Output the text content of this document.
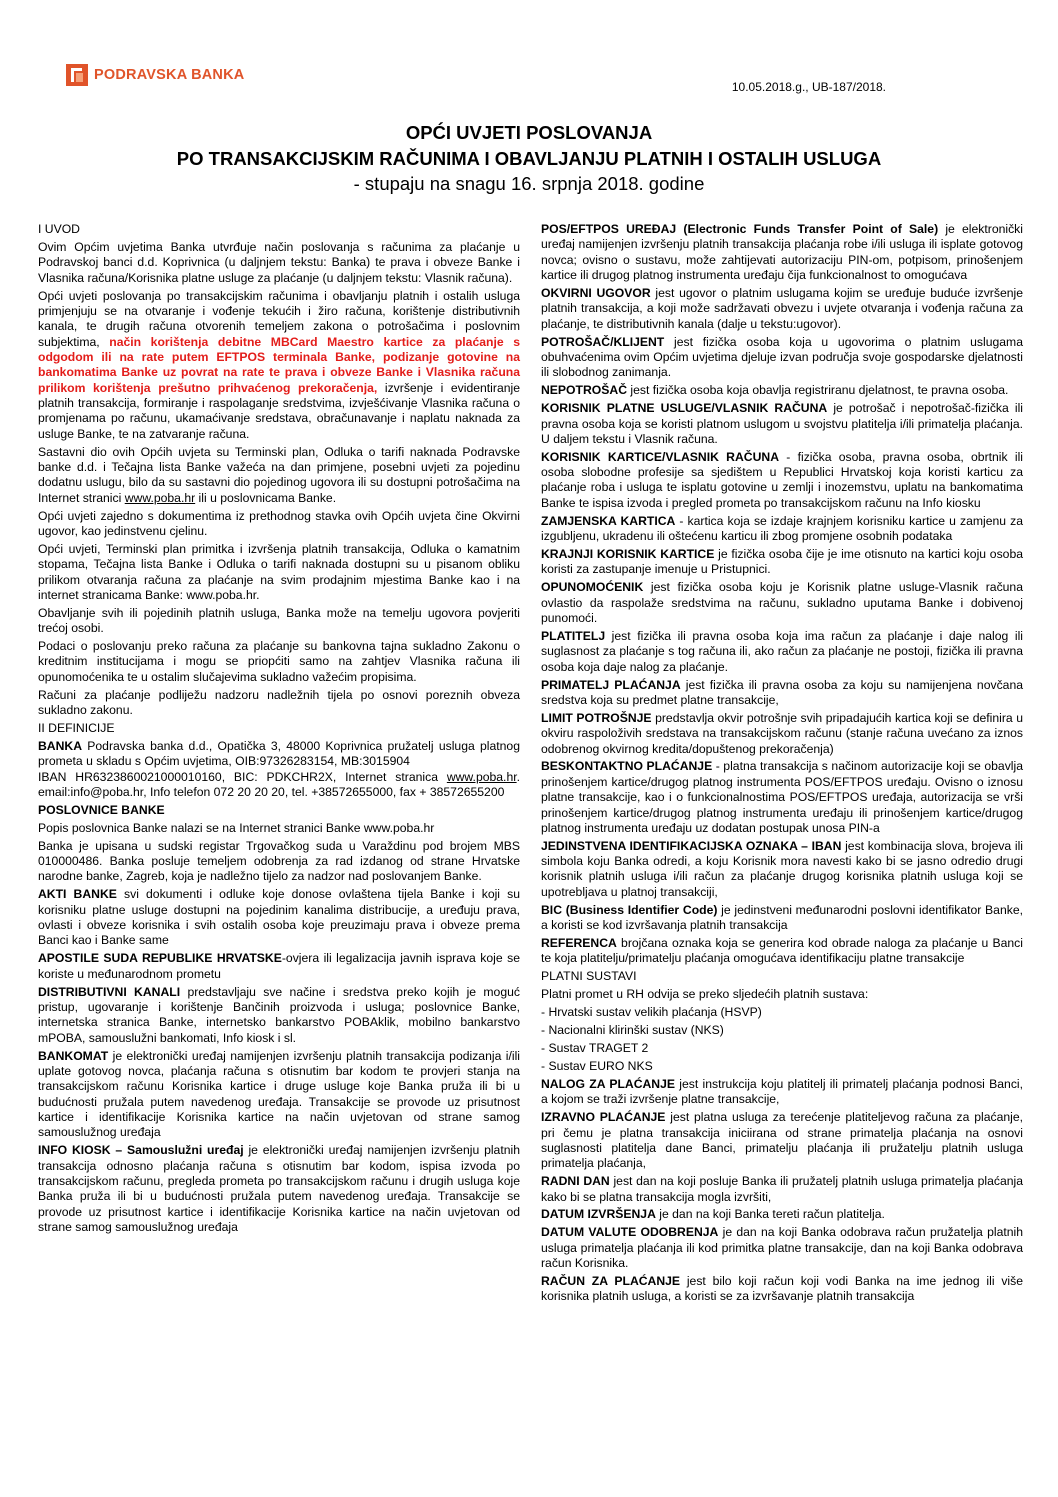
PODRAVSKA BANKA
10.05.2018.g., UB-187/2018.
OPĆI UVJETI POSLOVANJA
PO TRANSAKCIJSKIM RAČUNIMA I OBAVLJANJU PLATNIH I OSTALIH USLUGA
- stupaju na snagu 16. srpnja 2018. godine

I UVOD

Ovim Općim uvjetima Banka utvrđuje način poslovanja s računima za plaćanje u Podravskoj banci d.d. Koprivnica (u daljnjem tekstu: Banka) te prava i obveze Banke i Vlasnika računa/Korisnika platne usluge za plaćanje (u daljnjem tekstu: Vlasnik računa).

Opći uvjeti poslovanja po transakcijskim računima i obavljanju platnih i ostalih usluga primjenjuju se na otvaranje i vođenje tekućih i žiro računa, korištenje distributivnih kanala, te drugih računa otvorenih temeljem zakona o potrošačima i poslovnim subjektima, način korištenja debitne MBCard Maestro kartice za plaćanje s odgodom ili na rate putem EFTPOS terminala Banke, podizanje gotovine na bankomatima Banke uz povrat na rate te prava i obveze Banke i Vlasnika računa prilikom korištenja prešutno prihvaćenog prekoračenja, izvršenje i evidentiranje platnih transakcija, formiranje i raspolaganje sredstvima, izvješćivanje Vlasnika računa o promjenama po računu, ukamaćivanje sredstava, obračunavanje i naplatu naknada za usluge Banke, te na zatvaranje računa.

Sastavni dio ovih Općih uvjeta su Terminski plan, Odluka o tarifi naknada Podravske banke d.d. i Tečajna lista Banke važeća na dan primjene, posebni uvjeti za pojedinu dodatnu uslugu, bilo da su sastavni dio pojedinog ugovora ili su dostupni potrošačima na Internet stranici www.poba.hr ili u poslovnicama Banke.

Opći uvjeti zajedno s dokumentima iz prethodnog stavka ovih Općih uvjeta čine Okvirni ugovor, kao jedinstvenu cjelinu.

Opći uvjeti, Terminski plan primitka i izvršenja platnih transakcija, Odluka o kamatnim stopama, Tečajna lista Banke i Odluka o tarifi naknada dostupni su u pisanom obliku prilikom otvaranja računa za plaćanje na svim prodajnim mjestima Banke kao i na internet stranicama Banke: www.poba.hr.

Obavljanje svih ili pojedinih platnih usluga, Banka može na temelju ugovora povjeriti trećoj osobi.

Podaci o poslovanju preko računa za plaćanje su bankovna tajna sukladno Zakonu o kreditnim institucijama i mogu se priopćiti samo na zahtjev Vlasnika računa ili opunomoćenika te u ostalim slučajevima sukladno važećim propisima.

Računi za plaćanje podliježu nadzoru nadležnih tijela po osnovi poreznih obveza sukladno zakonu.

II DEFINICIJE

BANKA Podravska banka d.d., Opatička 3, 48000 Koprivnica pružatelj usluga platnog prometa u skladu s Općim uvjetima, OIB:97326283154, MB:3015904
IBAN HR6323860021000010160, BIC: PDKCHR2X, Internet stranica www.poba.hr. email:info@poba.hr, Info telefon 072 20 20 20, tel. +38572655000, fax + 38572655200

POSLOVNICE BANKE

Popis poslovnica Banke nalazi se na Internet stranici Banke www.poba.hr

Banka je upisana u sudski registar Trgovačkog suda u Varaždinu pod brojem MBS 010000486. Banka posluje temeljem odobrenja za rad izdanog od strane Hrvatske narodne banke, Zagreb, koja je nadležno tijelo za nadzor nad poslovanjem Banke.

AKTI BANKE svi dokumenti i odluke koje donose ovlaštena tijela Banke i koji su korisniku platne usluge dostupni na pojedinim kanalima distribucije, a uređuju prava, ovlasti i obveze korisnika i svih ostalih osoba koje preuzimaju prava i obveze prema Banci kao i Banke same

APOSTILE SUDA REPUBLIKE HRVATSKE-ovjera ili legalizacija javnih isprava koje se koriste u međunarodnom prometu

DISTRIBUTIVNI KANALI predstavljaju sve načine i sredstva preko kojih je moguć pristup, ugovaranje i korištenje Bančinih proizvoda i usluga; poslovnice Banke, internetska stranica Banke, internetsko bankarstvo POBAklik, mobilno bankarstvo mPOBA, samouslužni bankomati, Info kiosk i sl.

BANKOMAT je elektronički uređaj namijenjen izvršenju platnih transakcija podizanja i/ili uplate gotovog novca, plaćanja računa s otisnutim bar kodom te provjeri stanja na transakcijskom računu Korisnika kartice i druge usluge koje Banka pruža ili bi u budućnosti pružala putem navedenog uređaja. Transakcije se provode uz prisutnost kartice i identifikacije Korisnika kartice na način uvjetovan od strane samog samouslužnog uređaja

INFO KIOSK – Samouslužni uređaj je elektronički uređaj namijenjen izvršenju platnih transakcija odnosno plaćanja računa s otisnutim bar kodom, ispisa izvoda po transakcijskom računu, pregleda prometa po transakcijskom računu i drugih usluga koje Banka pruža ili bi u budućnosti pružala putem navedenog uređaja. Transakcije se provode uz prisutnost kartice i identifikacije Korisnika kartice na način uvjetovan od strane samog samouslužnog uređaja

POS/EFTPOS UREĐAJ (Electronic Funds Transfer Point of Sale) je elektronički uređaj namijenjen izvršenju platnih transakcija plaćanja robe i/ili usluga ili isplate gotovog novca; ovisno o sustavu, može zahtijevati autorizaciju PIN-om, potpisom, prinošenjem kartice ili drugog platnog instrumenta uređaju čija funkcionalnost to omogućava

OKVIRNI UGOVOR jest ugovor o platnim uslugama kojim se uređuje buduće izvršenje platnih transakcija, a koji može sadržavati obvezu i uvjete otvaranja i vođenja računa za plaćanje, te distributivnih kanala (dalje u tekstu:ugovor).

POTROŠAČ/KLIJENT jest fizička osoba koja u ugovorima o platnim uslugama obuhvaćenima ovim Općim uvjetima djeluje izvan područja svoje gospodarske djelatnosti ili slobodnog zanimanja.

NEPOTROŠAČ jest fizička osoba koja obavlja registriranu djelatnost, te pravna osoba.

KORISNIK PLATNE USLUGE/VLASNIK RAČUNA je potrošač i nepotrošač-fizička ili pravna osoba koja se koristi platnom uslugom u svojstvu platitelja i/ili primatelja plaćanja. U daljem tekstu i Vlasnik računa.

KORISNIK KARTICE/VLASNIK RAČUNA - fizička osoba, pravna osoba, obrtnik ili osoba slobodne profesije sa sjedištem u Republici Hrvatskoj koja koristi karticu za plaćanje roba i usluga te isplatu gotovine u zemlji i inozemstvu, uplatu na bankomatima Banke te ispisa izvoda i pregled prometa po transakcijskom računu na Info kiosku

ZAMJENSKA KARTICA - kartica koja se izdaje krajnjem korisniku kartice u zamjenu za izgubljenu, ukradenu ili oštećenu karticu ili zbog promjene osobnih podataka

KRAJNJI KORISNIK KARTICE je fizička osoba čije je ime otisnuto na kartici koju osoba koristi za zastupanje imenuje u Pristupnici.

OPUNOMOĆENIK jest fizička osoba koju je Korisnik platne usluge-Vlasnik računa ovlastio da raspolaže sredstvima na računu, sukladno uputama Banke i dobivenoj punomoći.

PLATITELJ jest fizička ili pravna osoba koja ima račun za plaćanje i daje nalog ili suglasnost za plaćanje s tog računa ili, ako račun za plaćanje ne postoji, fizička ili pravna osoba koja daje nalog za plaćanje.

PRIMATELJ PLAĆANJA jest fizička ili pravna osoba za koju su namijenjena novčana sredstva koja su predmet platne transakcije,

LIMIT POTROŠNJE predstavlja okvir potrošnje svih pripadajućih kartica koji se definira u okviru raspoloživih sredstava na transakcijskom računu (stanje računa uvećano za iznos odobrenog okvirnog kredita/dopuštenog prekoračenja)

BESKONTAKTNO PLAĆANJE - platna transakcija s načinom autorizacije koji se obavlja prinošenjem kartice/drugog platnog instrumenta POS/EFTPOS uređaju. Ovisno o iznosu platne transakcije, kao i o funkcionalnostima POS/EFTPOS uređaja, autorizacija se vrši prinošenjem kartice/drugog platnog instrumenta uređaju ili prinošenjem kartice/drugog platnog instrumenta uređaju uz dodatan postupak unosa PIN-a

JEDINSTVENA IDENTIFIKACIJSKA OZNAKA – IBAN jest kombinacija slova, brojeva ili simbola koju Banka odredi, a koju Korisnik mora navesti kako bi se jasno odredio drugi korisnik platnih usluga i/ili račun za plaćanje drugog korisnika platnih usluga koji se upotrebljava u platnoj transakciji,

BIC (Business Identifier Code) je jedinstveni međunarodni poslovni identifikator Banke, a koristi se kod izvršavanja platnih transakcija

REFERENCA brojčana oznaka koja se generira kod obrade naloga za plaćanje u Banci te koja platitelju/primatelju plaćanja omogućava identifikaciju platne transakcije

PLATNI SUSTAVI

Platni promet u RH odvija se preko sljedećih platnih sustava:

- Hrvatski sustav velikih plaćanja (HSVP)

- Nacionalni klirinški sustav (NKS)

- Sustav TRAGET 2

- Sustav EURO NKS

NALOG ZA PLAĆANJE jest instrukcija koju platitelj ili primatelj plaćanja podnosi Banci, a kojom se traži izvršenje platne transakcije,

IZRAVNO PLAĆANJE jest platna usluga za terećenje platiteljevog računa za plaćanje, pri čemu je platna transakcija iniciirana od strane primatelja plaćanja na osnovi suglasnosti platitelja dane Banci, primatelju plaćanja ili pružatelju platnih usluga primatelja plaćanja,

RADNI DAN jest dan na koji posluje Banka ili pružatelj platnih usluga primatelja plaćanja kako bi se platna transakcija mogla izvršiti,

DATUM IZVRŠENJA je dan na koji Banka tereti račun platitelja.

DATUM VALUTE ODOBRENJA je dan na koji Banka odobrava račun pružatelja platnih usluga primatelja plaćanja ili kod primitka platne transakcije, dan na koji Banka odobrava račun Korisnika.

RAČUN ZA PLAĆANJE jest bilo koji račun koji vodi Banka na ime jednog ili više korisnika platnih usluga, a koristi se za izvršavanje platnih transakcija
